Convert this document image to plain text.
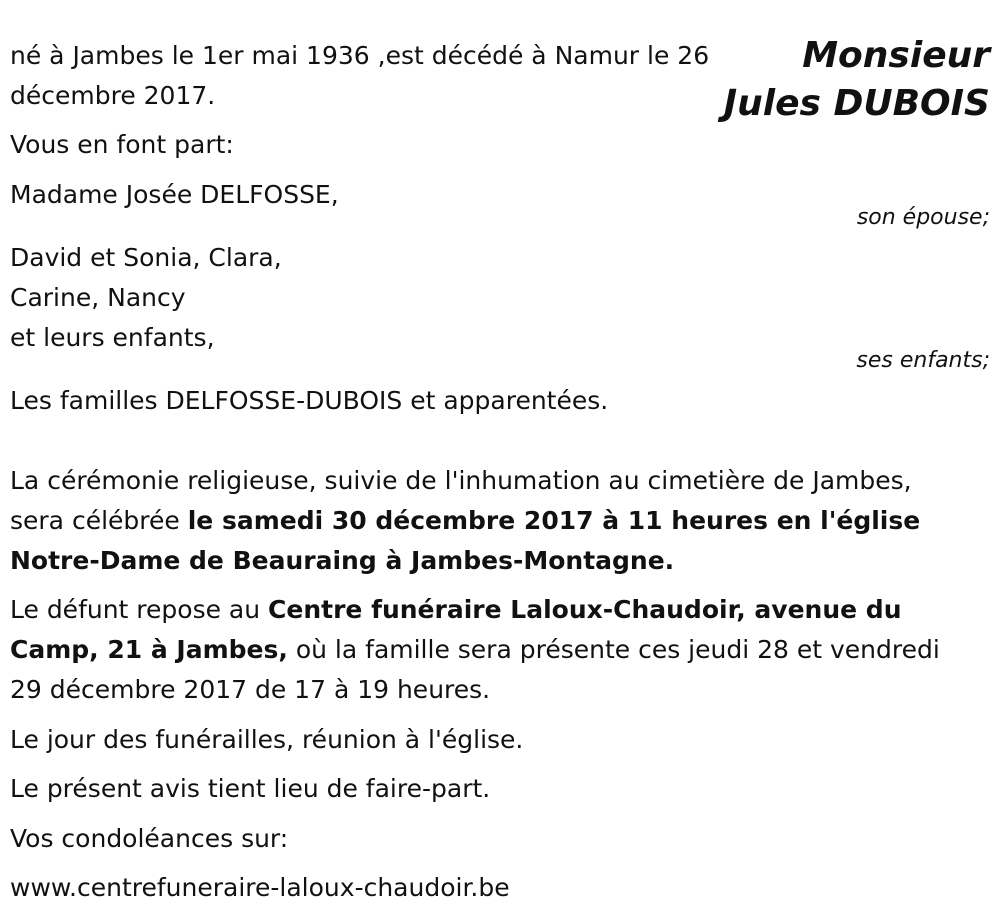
Monsieur

Jules DUBOIS

né à Jambes le 1er mai 1936 ,est décédé à Namur le 26

décembre 2017.

Vous en font part:

Madame Josée DELFOSSE,

son épouse;

David et Sonia, Clara,

Carine, Nancy

et leurs enfants,

ses enfants;

Les familles DELFOSSE-DUBOIS et apparentées.

La cérémonie religieuse, suivie de l'inhumation au cimetière de Jambes,

sera célébrée le samedi 30 décembre 2017 à 11 heures en l'église

Notre-Dame de Beauraing à Jambes-Montagne.

Le défunt repose au Centre funéraire Laloux-Chaudoir, avenue du

Camp, 21 à Jambes, où la famille sera présente ces jeudi 28 et vendredi

29 décembre 2017 de 17 à 19 heures.

Le jour des funérailles, réunion à l'église.

Le présent avis tient lieu de faire-part.

Vos condoléances sur:

www.centrefuneraire-laloux-chaudoir.be
